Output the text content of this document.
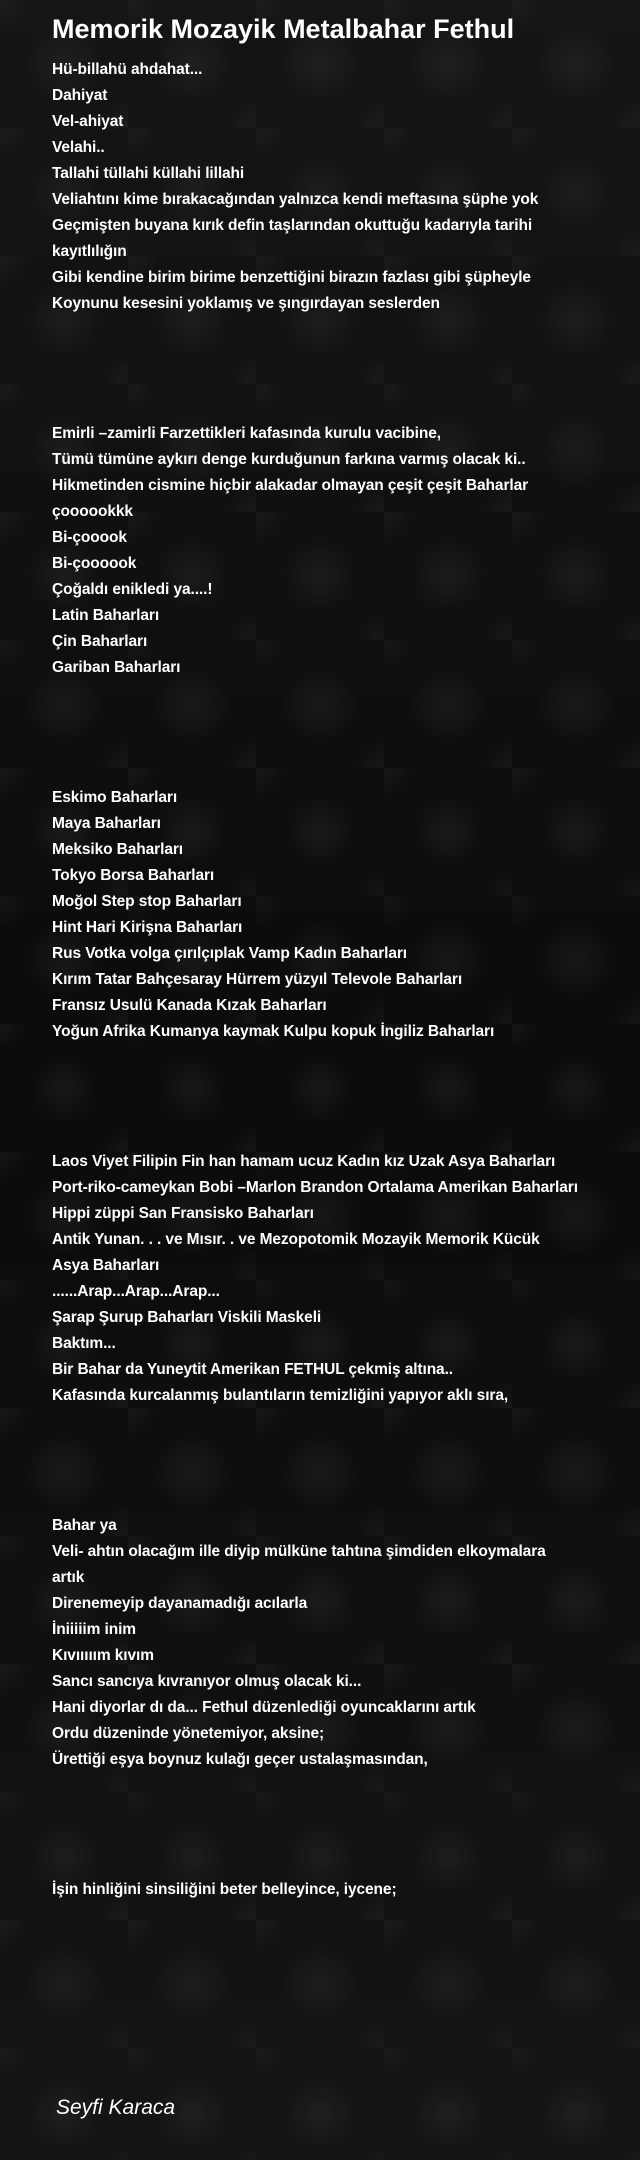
Memorik Mozayik Metalbahar Fethul
Hü-billahü ahdahat...
Dahiyat
Vel-ahiyat
Velahi..
Tallahi tüllahi küllahi lillahi
Veliahtını kime bırakacağından yalnızca kendi meftasına şüphe yok
Geçmişten buyana kırık defin taşlarından okuttuğu kadarıyla tarihi
kayıtlılığın
Gibi kendine birim birime benzettiğini birazın fazlası gibi şüpheyle
Koynunu kesesini yoklamış ve şıngırdayan seslerden
Emirli –zamirli Farzettikleri kafasında kurulu vacibine,
Tümü tümüne aykırı denge kurduğunun farkına varmış olacak ki..
Hikmetinden cismine hiçbir alakadar olmayan çeşit çeşit Baharlar
çoooookkk
Bi-çooook
Bi-çoooook
Çoğaldı enikledi ya....!
Latin Baharları
Çin Baharları
Gariban Baharları
Eskimo Baharları
Maya Baharları
Meksiko Baharları
Tokyo Borsa Baharları
Moğol Step stop Baharları
Hint Hari Kirişna Baharları
Rus Votka volga çırılçıplak Vamp Kadın Baharları
Kırım Tatar Bahçesaray Hürrem yüzyıl Televole Baharları
Fransız Usulü Kanada Kızak Baharları
Yoğun Afrika Kumanya kaymak Kulpu kopuk İngiliz Baharları
Laos Viyet Filipin Fin han hamam ucuz Kadın kız Uzak Asya Baharları
Port-riko-cameykan Bobi –Marlon Brandon Ortalama Amerikan Baharları
Hippi züppi San Fransisko Baharları
Antik Yunan. . . ve Mısır. . ve Mezopotomik Mozayik Memorik Kücük
Asya Baharları
......Arap...Arap...Arap...
Şarap Şurup Baharları Viskili Maskeli
Baktım...
Bir Bahar da Yuneytit Amerikan FETHUL çekmiş altına..
Kafasında kurcalanmış bulantıların temizliğini yapıyor aklı sıra,
Bahar ya
Veli- ahtın olacağım ille diyip mülküne tahtına şimdiden elkoymalara
artık
Direnemeyip dayanamadığı acılarla
İniiiiim inim
Kıvııııım kıvım
Sancı sancıya kıvranıyor olmuş olacak ki...
Hani diyorlar dı da... Fethul düzenlediği oyuncaklarını artık
Ordu düzeninde yönetemiyor, aksine;
Ürettiği eşya boynuz kulağı geçer ustalaşmasından,
İşin hinliğini sinsiliğini beter belleyince, iycene;
Seyfi Karaca
